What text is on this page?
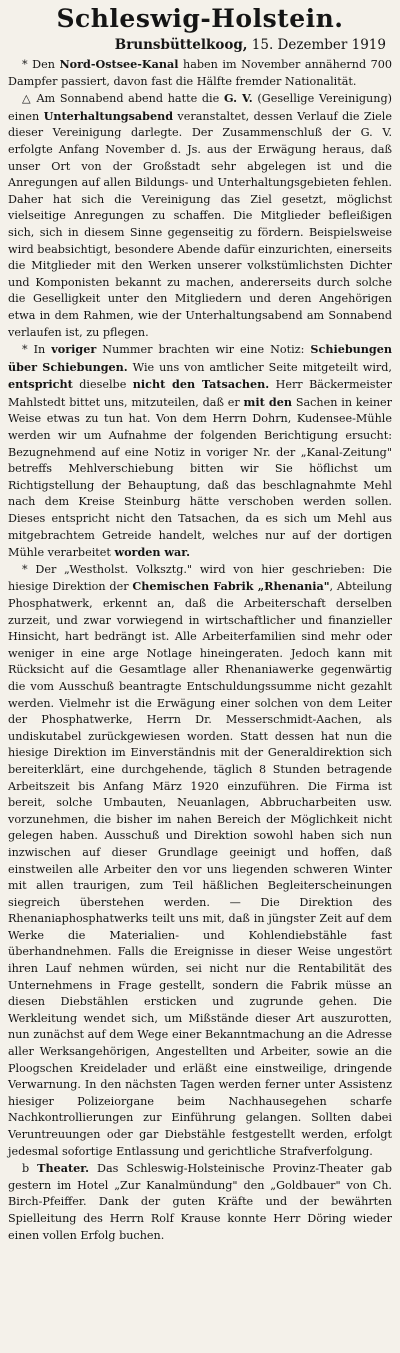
Schleswig-Holstein.
Brunsbüttelkoog, 15. Dezember 1919

* Den Nord-Ostsee-Kanal haben im November annähernd 700 Dampfer passiert, davon fast die Hälfte fremder Nationalität.

△ Am Sonnabend abend hatte die G. V. (Gesellige Vereinigung) einen Unterhaltungsabend veranstaltet, dessen Verlauf die Ziele dieser Vereinigung darlegte. Der Zusammenschluß der G. V. erfolgte Anfang November d. Js. aus der Erwägung heraus, daß unser Ort von der Großstadt sehr abgelegen ist und die Anregungen auf allen Bildungs- und Unterhaltungsgebieten fehlen. Daher hat sich die Vereinigung das Ziel gesetzt, möglichst vielseitige Anregungen zu schaffen. Die Mitglieder befleißigen sich, sich in diesem Sinne gegenseitig zu fördern. Beispielsweise wird beabsichtigt, besondere Abende dafür einzurichten, einerseits die Mitglieder mit den Werken unserer volkstümlichsten Dichter und Komponisten bekannt zu machen, andererseits durch solche die Geselligkeit unter den Mitgliedern und deren Angehörigen etwa in dem Rahmen, wie der Unterhaltungsabend am Sonnabend verlaufen ist, zu pflegen.

* In voriger Nummer brachten wir eine Notiz: Schiebungen über Schiebungen. Wie uns von amtlicher Seite mitgeteilt wird, entspricht dieselbe nicht den Tatsachen. Herr Bäckermeister Mahlstedt bittet uns, mitzuteilen, daß er mit den Sachen in keiner Weise etwas zu tun hat. Von dem Herrn Dohrn, Kudensee-Mühle werden wir um Aufnahme der folgenden Berichtigung ersucht: Bezugnehmend auf eine Notiz in voriger Nr. der „Kanal-Zeitung" betreffs Mehlverschiebung bitten wir Sie höflichst um Richtigstellung der Behauptung, daß das beschlagnahmte Mehl nach dem Kreise Steinburg hätte verschoben werden sollen. Dieses entspricht nicht den Tatsachen, da es sich um Mehl aus mitgebrachtem Getreide handelt, welches nur auf der dortigen Mühle verarbeitet worden war.

* Der „Westholst. Volksztg." wird von hier geschrieben: Die hiesige Direktion der Chemischen Fabrik „Rhenania", Abteilung Phosphatwerk, erkennt an, daß die Arbeiterschaft derselben zurzeit, und zwar vorwiegend in wirtschaftlicher und finanzieller Hinsicht, hart bedrängt ist. Alle Arbeiterfamilien sind mehr oder weniger in eine arge Notlage hineingeraten. Jedoch kann mit Rücksicht auf die Gesamtlage aller Rhenaniawerke gegenwärtig die vom Ausschuß beantragte Entschuldungssumme nicht gezahlt werden. Vielmehr ist die Erwägung einer solchen von dem Leiter der Phosphatwerke, Herrn Dr. Messerschmidt-Aachen, als undiskutabel zurückgewiesen worden. Statt dessen hat nun die hiesige Direktion im Einverständnis mit der Generaldirektion sich bereiterklärt, eine durchgehende, täglich 8 Stunden betragende Arbeitszeit bis Anfang März 1920 einzuführen. Die Firma ist bereit, solche Umbauten, Neuanlagen, Abbrucharbeiten usw. vorzunehmen, die bisher im nahen Bereich der Möglichkeit nicht gelegen haben. Ausschuß und Direktion sowohl haben sich nun inzwischen auf dieser Grundlage geeinigt und hoffen, daß einstweilen alle Arbeiter den vor uns liegenden schweren Winter mit allen traurigen, zum Teil häßlichen Begleiterscheinungen siegreich überstehen werden. — Die Direktion des Rhenaniaphosphatwerks teilt uns mit, daß in jüngster Zeit auf dem Werke die Materialien- und Kohlendiebstähle fast überhandnehmen. Falls die Ereignisse in dieser Weise ungestört ihren Lauf nehmen würden, sei nicht nur die Rentabilität des Unternehmens in Frage gestellt, sondern die Fabrik müsse an diesen Diebstählen ersticken und zugrunde gehen. Die Werkleitung wendet sich, um Mißstände dieser Art auszurotten, nun zunächst auf dem Wege einer Bekanntmachung an die Adresse aller Werksangehörigen, Angestellten und Arbeiter, sowie an die Ploogschen Kreidelader und erläßt eine einstweilige, dringende Verwarnung. In den nächsten Tagen werden ferner unter Assistenz hiesiger Polizeiorgane beim Nachhausegehen scharfe Nachkontrollierungen zur Einführung gelangen. Sollten dabei Veruntreuungen oder gar Diebstähle festgestellt werden, erfolgt jedesmal sofortige Entlassung und gerichtliche Strafverfolgung.

b Theater. Das Schleswig-Holsteinische Provinz-Theater gab gestern im Hotel „Zur Kanalmündung" den „Goldbauer" von Ch. Birch-Pfeiffer. Dank der guten Kräfte und der bewährten Spielleitung des Herrn Rolf Krause konnte Herr Döring wieder einen vollen Erfolg buchen.
